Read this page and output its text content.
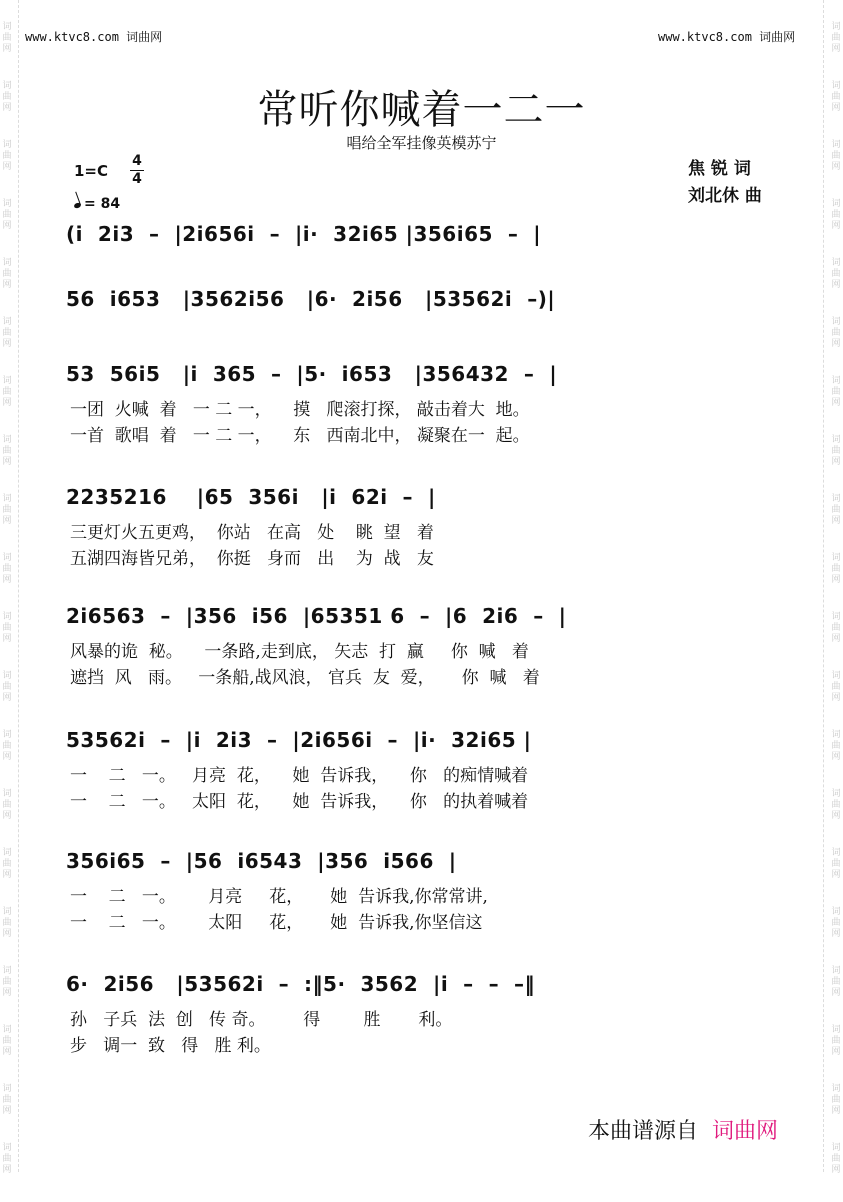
词
曲
网
词
曲
网
词
曲
网
词
曲
网
词
曲
网
词
曲
网
词
曲
网
词
曲
网
词
曲
网
词
曲
网
词
曲
网
词
曲
网
词
曲
网
词
曲
网
词
曲
网
词
曲
网
词
曲
网
词
曲
网
词
曲
网
词
曲
网
词
曲
网
词
曲
网
词
曲
网
词
曲
网
词
曲
网
词
曲
网
词
曲
网
词
曲
网
词
曲
网
词
曲
网
词
曲
网
词
曲
网
词
曲
网
词
曲
网
词
曲
网
词
曲
网
词
曲
网
词
曲
网
词
曲
网
词
曲
网
www.ktvc8.com 词曲网	www.ktvc8.com 词曲网
常听你喊着一二一
唱给全军挂像英模苏宁
1=C
4
4
= 84
焦 锐 词
刘北休 曲
(i  2i3  –  |2i656i  –  |i·  32i65 |356i65  –  |
56  i653   |3562i56   |6·  2i56   |53562i  –)|
53  56i5   |i  365  –  |5·  i653   |356432  –  |
一团  火喊  着   一 二 一，    摸   爬滚打探， 敲击着大  地。
一首  歌唱  着   一 二 一，    东   西南北中， 凝聚在一  起。
2235216    |65  356i   |i  62i  –  |
三更灯火五更鸡，  你站   在高   处    眺  望   着
五湖四海皆兄弟，  你挺   身而   出    为  战   友
2i6563  –  |356  i56  |65351 6  –  |6  2i6  –  |
风暴的诡  秘。    一条路,走到底， 矢志  打  赢     你  喊   着
遮挡  风   雨。   一条船,战风浪， 官兵  友  爱，     你  喊   着
53562i  –  |i  2i3  –  |2i656i  –  |i·  32i65 |
一    二   一。   月亮  花，    她  告诉我，    你   的痴情喊着
一    二   一。   太阳  花，    她  告诉我，    你   的执着喊着
356i65  –  |56  i6543  |356  i566  |
一    二   一。      月亮     花，     她  告诉我,你常常讲,
一    二   一。      太阳     花，     她  告诉我,你坚信这
6·  2i56   |53562i  –  :‖5·  3562  |i  –  –  –‖
孙   子兵  法  创   传 奇。       得        胜       利。
步   调一  致   得   胜 利。
本曲谱源自 词曲网
